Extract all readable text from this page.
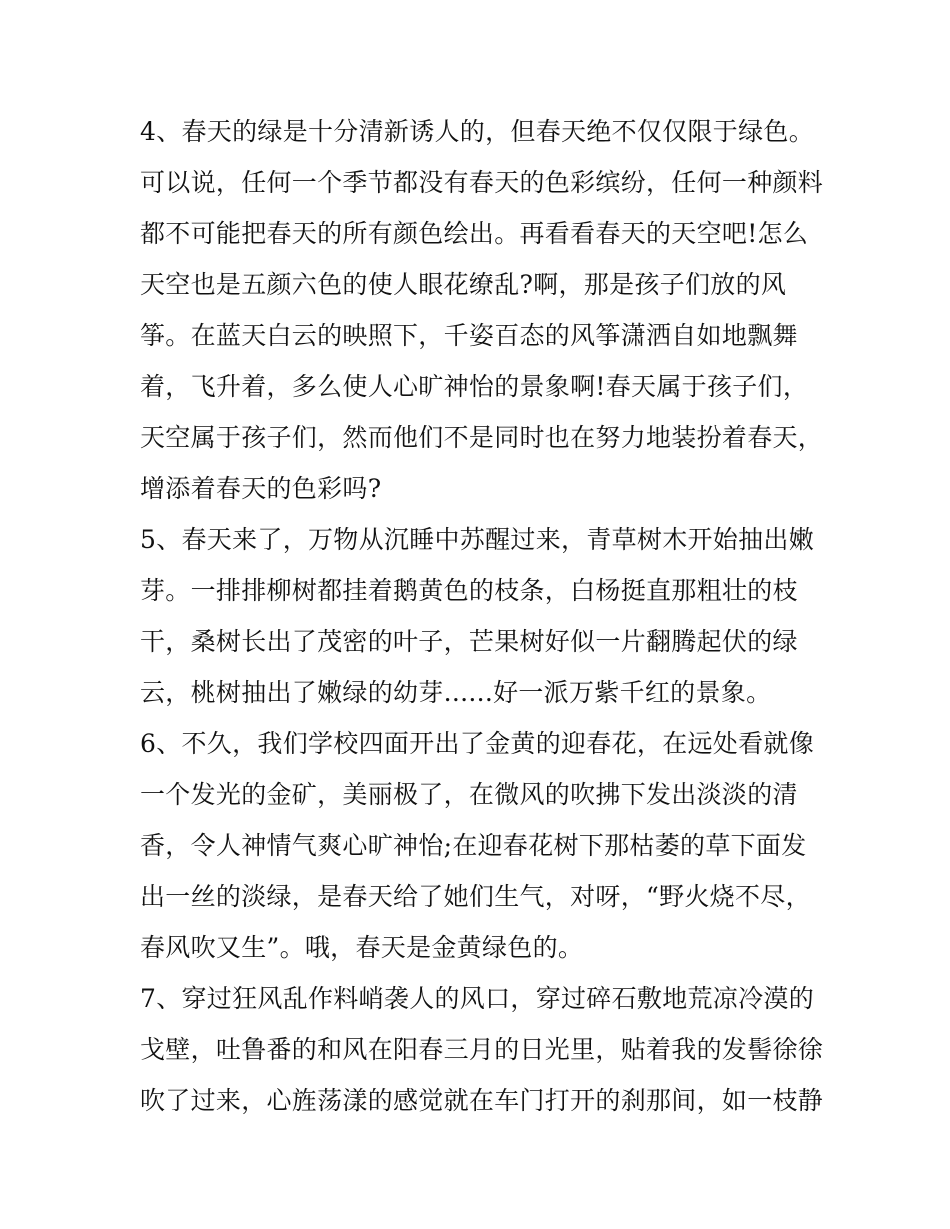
4、春天的绿是十分清新诱人的，但春天绝不仅仅限于绿色。
可以说，任何一个季节都没有春天的色彩缤纷，任何一种颜料
都不可能把春天的所有颜色绘出。再看看春天的天空吧!怎么
天空也是五颜六色的使人眼花缭乱?啊，那是孩子们放的风
筝。在蓝天白云的映照下，千姿百态的风筝潇洒自如地飘舞
着，飞升着，多么使人心旷神怡的景象啊!春天属于孩子们，
天空属于孩子们，然而他们不是同时也在努力地装扮着春天，
增添着春天的色彩吗?
5、春天来了，万物从沉睡中苏醒过来，青草树木开始抽出嫩
芽。一排排柳树都挂着鹅黄色的枝条，白杨挺直那粗壮的枝
干，桑树长出了茂密的叶子，芒果树好似一片翻腾起伏的绿
云，桃树抽出了嫩绿的幼芽......好一派万紫千红的景象。
6、不久，我们学校四面开出了金黄的迎春花，在远处看就像
一个发光的金矿，美丽极了，在微风的吹拂下发出淡淡的清
香，令人神情气爽心旷神怡;在迎春花树下那枯萎的草下面发
出一丝的淡绿，是春天给了她们生气，对呀，“野火烧不尽，
春风吹又生”。哦，春天是金黄绿色的。
7、穿过狂风乱作料峭袭人的风口，穿过碎石敷地荒凉冷漠的
戈壁，吐鲁番的和风在阳春三月的日光里，贴着我的发髻徐徐
吹了过来，心旌荡漾的感觉就在车门打开的刹那间，如一枝静
